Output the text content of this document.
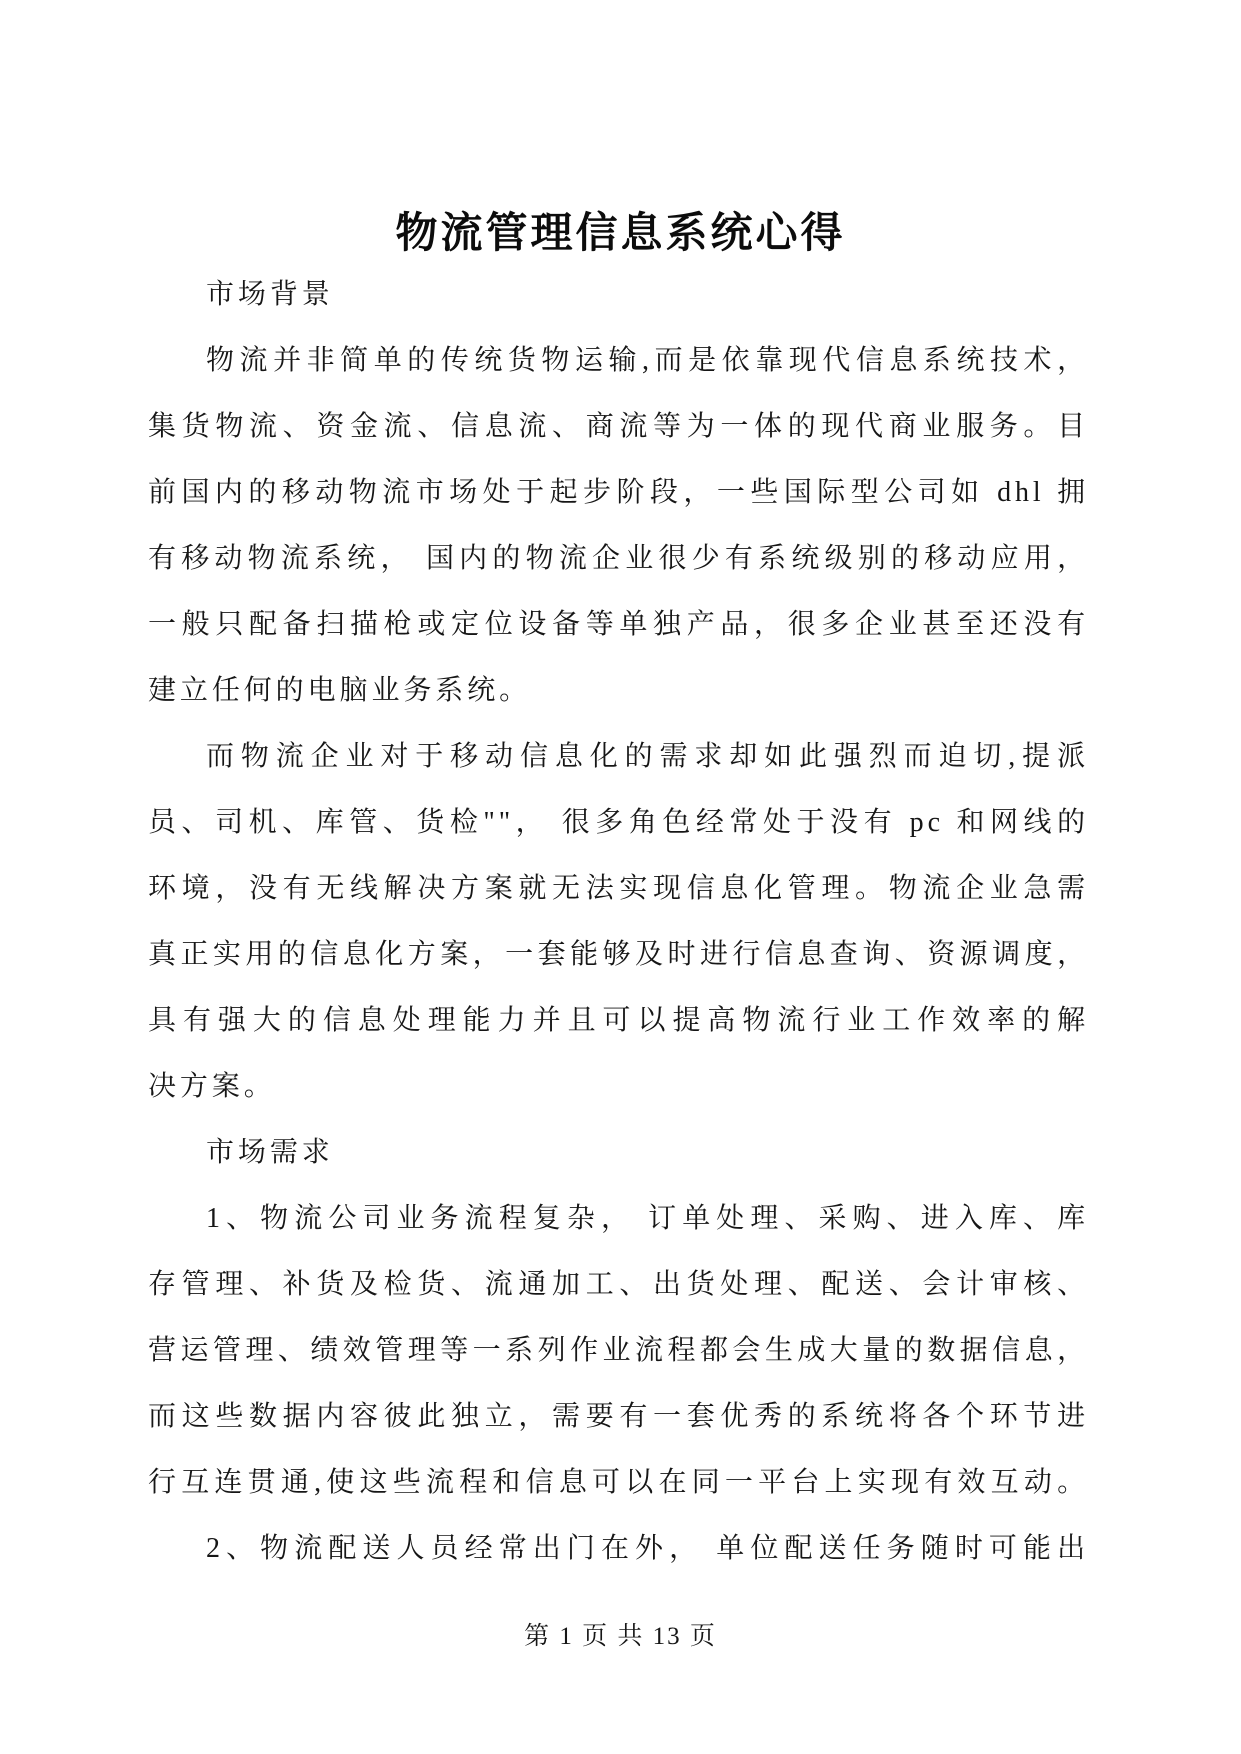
物流管理信息系统心得
市场背景
物流并非简单的传统货物运输,而是依靠现代信息系统技术，
集货物流、资金流、信息流、商流等为一体的现代商业服务。目
前国内的移动物流市场处于起步阶段，一些国际型公司如 dhl 拥
有移动物流系统， 国内的物流企业很少有系统级别的移动应用，
一般只配备扫描枪或定位设备等单独产品，很多企业甚至还没有
建立任何的电脑业务系统。
而物流企业对于移动信息化的需求却如此强烈而迫切,提派
员、司机、库管、货检""， 很多角色经常处于没有 pc 和网线的
环境，没有无线解决方案就无法实现信息化管理。物流企业急需
真正实用的信息化方案，一套能够及时进行信息查询、资源调度，
具有强大的信息处理能力并且可以提高物流行业工作效率的解
决方案。
市场需求
1、物流公司业务流程复杂， 订单处理、采购、进入库、库
存管理、补货及检货、流通加工、出货处理、配送、会计审核、
营运管理、绩效管理等一系列作业流程都会生成大量的数据信息，
而这些数据内容彼此独立，需要有一套优秀的系统将各个环节进
行互连贯通,使这些流程和信息可以在同一平台上实现有效互动。
2、物流配送人员经常出门在外， 单位配送任务随时可能出
第 1 页 共 13 页
